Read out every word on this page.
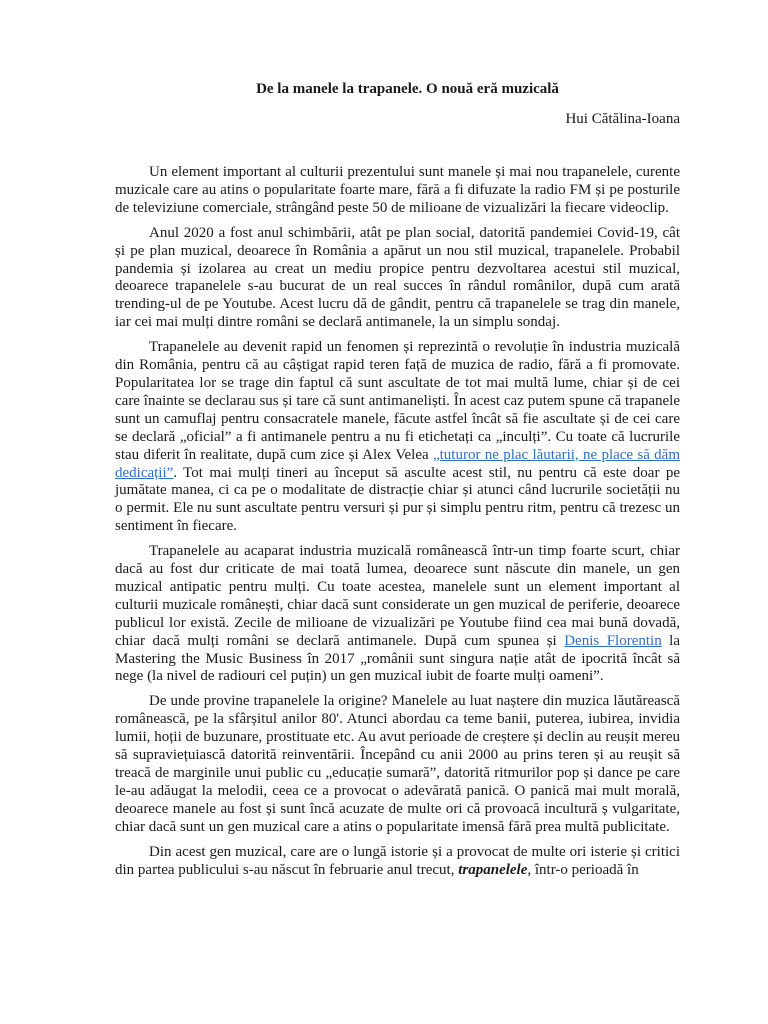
De la manele la trapanele. O nouă eră muzicală
Hui Cătălina-Ioana

Un element important al culturii prezentului sunt manele și mai nou trapanelele, curente muzicale care au atins o popularitate foarte mare, fără a fi difuzate la radio FM și pe posturile de televiziune comerciale, strângând peste 50 de milioane de vizualizări la fiecare videoclip.

Anul 2020 a fost anul schimbării, atât pe plan social, datorită pandemiei Covid-19, cât și pe plan muzical, deoarece în România a apărut un nou stil muzical, trapanelele. Probabil pandemia și izolarea au creat un mediu propice pentru dezvoltarea acestui stil muzical, deoarece trapanelele s-au bucurat de un real succes în rândul românilor, după cum arată trending-ul de pe Youtube. Acest lucru dă de gândit, pentru că trapanelele se trag din manele, iar cei mai mulți dintre români se declară antimanele, la un simplu sondaj.

Trapanelele au devenit rapid un fenomen și reprezintă o revoluție în industria muzicală din România, pentru că au câștigat rapid teren față de muzica de radio, fără a fi promovate. Popularitatea lor se trage din faptul că sunt ascultate de tot mai multă lume, chiar și de cei care înainte se declarau sus și tare că sunt antimaneliști. În acest caz putem spune că trapanele sunt un camuflaj pentru consacratele manele, făcute astfel încât să fie ascultate și de cei care se declară „oficial” a fi antimanele pentru a nu fi etichetați ca „inculți”. Cu toate că lucrurile stau diferit în realitate, după cum zice și Alex Velea „tuturor ne plac lăutarii, ne place să dăm dedicații”. Tot mai mulți tineri au început să asculte acest stil, nu pentru că este doar pe jumătate manea, ci ca pe o modalitate de distracție chiar și atunci când lucrurile societății nu o permit. Ele nu sunt ascultate pentru versuri și pur și simplu pentru ritm, pentru că trezesc un sentiment în fiecare.

Trapanelele au acaparat industria muzicală românească într-un timp foarte scurt, chiar dacă au fost dur criticate de mai toată lumea, deoarece sunt născute din manele, un gen muzical antipatic pentru mulți. Cu toate acestea, manelele sunt un element important al culturii muzicale românești, chiar dacă sunt considerate un gen muzical de periferie, deoarece publicul lor există. Zecile de milioane de vizualizări pe Youtube fiind cea mai bună dovadă, chiar dacă mulți români se declară antimanele. După cum spunea și Denis Florentin la Mastering the Music Business în 2017 „românii sunt singura nație atât de ipocrită încât să nege (la nivel de radiouri cel puțin) un gen muzical iubit de foarte mulți oameni”.

De unde provine trapanelele la origine? Manelele au luat naștere din muzica lăutărească românească, pe la sfârșitul anilor 80'. Atunci abordau ca teme banii, puterea, iubirea, invidia lumii, hoții de buzunare, prostituate etc. Au avut perioade de creștere și declin au reușit mereu să supraviețuiască datorită reinventării. Începând cu anii 2000 au prins teren și au reușit să treacă de marginile unui public cu „educație sumară”, datorită ritmurilor pop și dance pe care le-au adăugat la melodii, ceea ce a provocat o adevărată panică. O panică mai mult morală, deoarece manele au fost și sunt încă acuzate de multe ori că provoacă incultură ș vulgaritate, chiar dacă sunt un gen muzical care a atins o popularitate imensă fără prea multă publicitate.

Din acest gen muzical, care are o lungă istorie și a provocat de multe ori isterie și critici din partea publicului s-au născut în februarie anul trecut, trapanelele, într-o perioadă în
